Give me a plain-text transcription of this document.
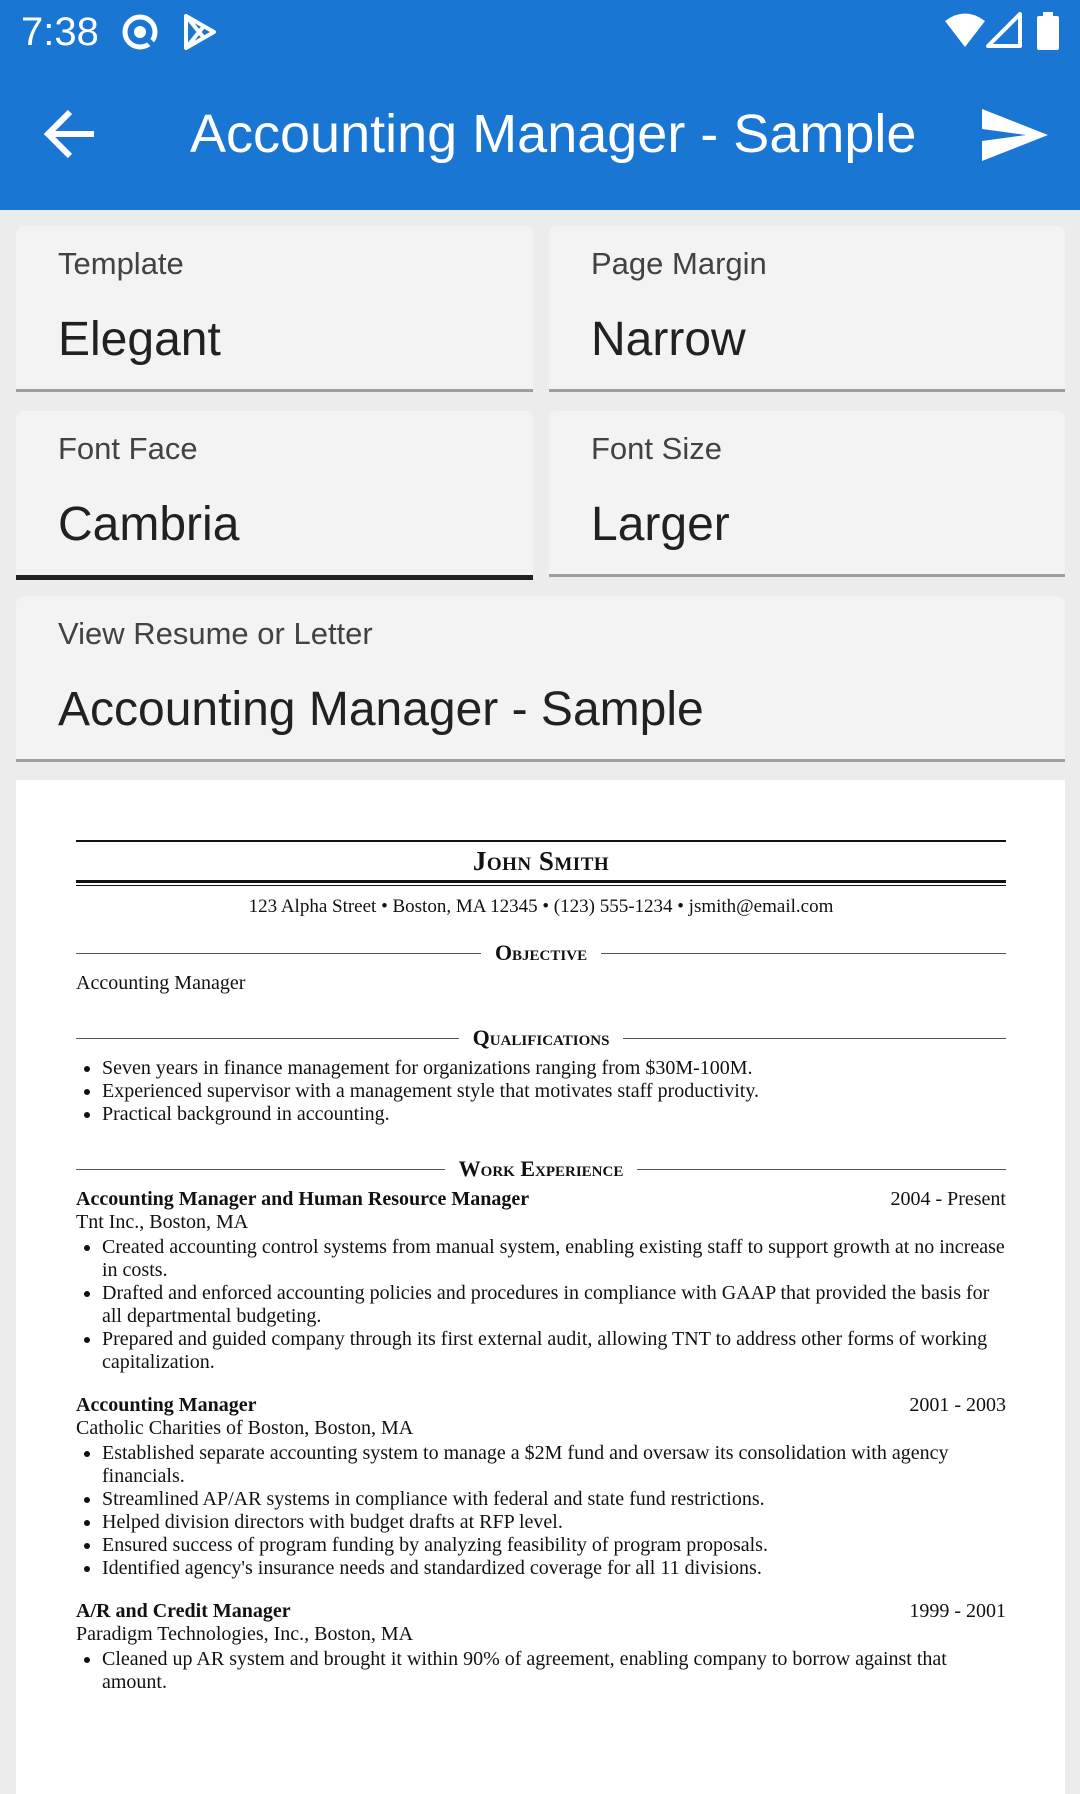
7:38
Accounting Manager - Sample
Template
Elegant
Page Margin
Narrow
Font Face
Cambria
Font Size
Larger
View Resume or Letter
Accounting Manager - Sample
John Smith
123 Alpha Street • Boston, MA 12345 • (123) 555-1234 • jsmith@email.com
Objective
Accounting Manager
Qualifications
• Seven years in finance management for organizations ranging from $30M-100M.
• Experienced supervisor with a management style that motivates staff productivity.
• Practical background in accounting.
Work Experience
Accounting Manager and Human Resource Manager	2004 - Present
Tnt Inc., Boston, MA
• Created accounting control systems from manual system, enabling existing staff to support growth at no increase in costs.
• Drafted and enforced accounting policies and procedures in compliance with GAAP that provided the basis for all departmental budgeting.
• Prepared and guided company through its first external audit, allowing TNT to address other forms of working capitalization.
Accounting Manager	2001 - 2003
Catholic Charities of Boston, Boston, MA
• Established separate accounting system to manage a $2M fund and oversaw its consolidation with agency financials.
• Streamlined AP/AR systems in compliance with federal and state fund restrictions.
• Helped division directors with budget drafts at RFP level.
• Ensured success of program funding by analyzing feasibility of program proposals.
• Identified agency's insurance needs and standardized coverage for all 11 divisions.
A/R and Credit Manager	1999 - 2001
Paradigm Technologies, Inc., Boston, MA
• Cleaned up AR system and brought it within 90% of agreement, enabling company to borrow against that amount.
